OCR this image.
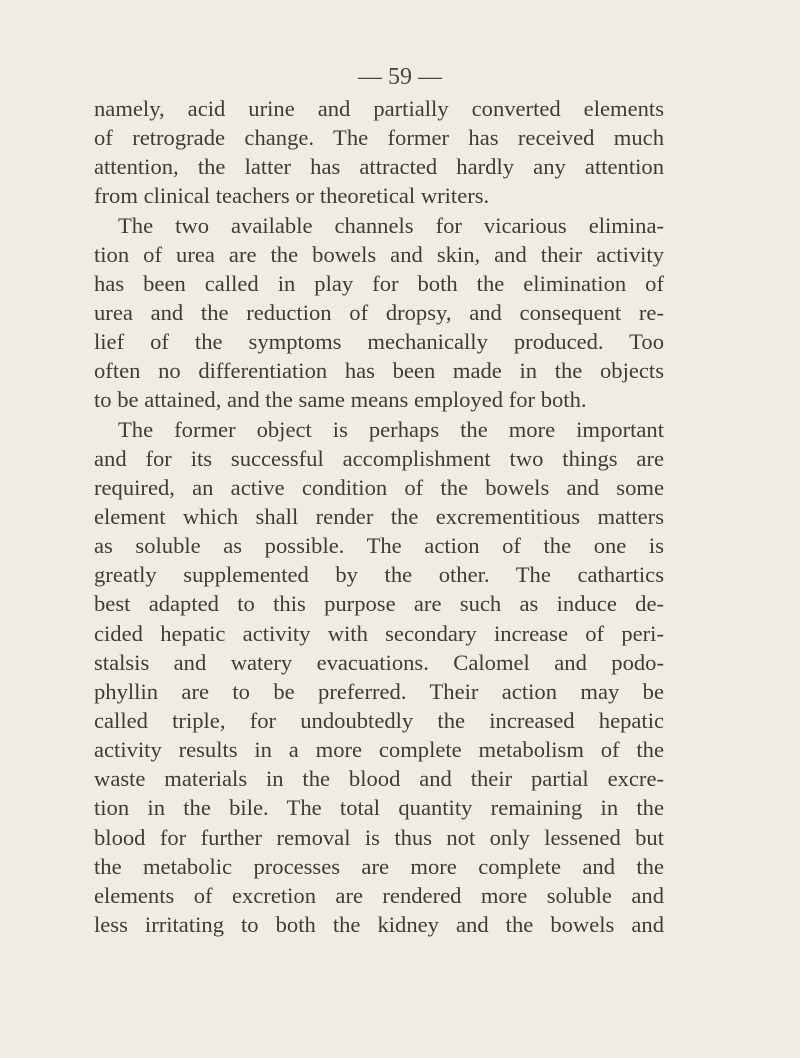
— 59 —
namely, acid urine and partially converted elements
of retrograde change. The former has received much
attention, the latter has attracted hardly any attention
from clinical teachers or theoretical writers.
The two available channels for vicarious elimina-
tion of urea are the bowels and skin, and their activity
has been called in play for both the elimination of
urea and the reduction of dropsy, and consequent re-
lief of the symptoms mechanically produced. Too
often no differentiation has been made in the objects
to be attained, and the same means employed for both.
The former object is perhaps the more important
and for its successful accomplishment two things are
required, an active condition of the bowels and some
element which shall render the excrementitious matters
as soluble as possible. The action of the one is
greatly supplemented by the other. The cathartics
best adapted to this purpose are such as induce de-
cided hepatic activity with secondary increase of peri-
stalsis and watery evacuations. Calomel and podo-
phyllin are to be preferred. Their action may be
called triple, for undoubtedly the increased hepatic
activity results in a more complete metabolism of the
waste materials in the blood and their partial excre-
tion in the bile. The total quantity remaining in the
blood for further removal is thus not only lessened but
the metabolic processes are more complete and the
elements of excretion are rendered more soluble and
less irritating to both the kidney and the bowels and
